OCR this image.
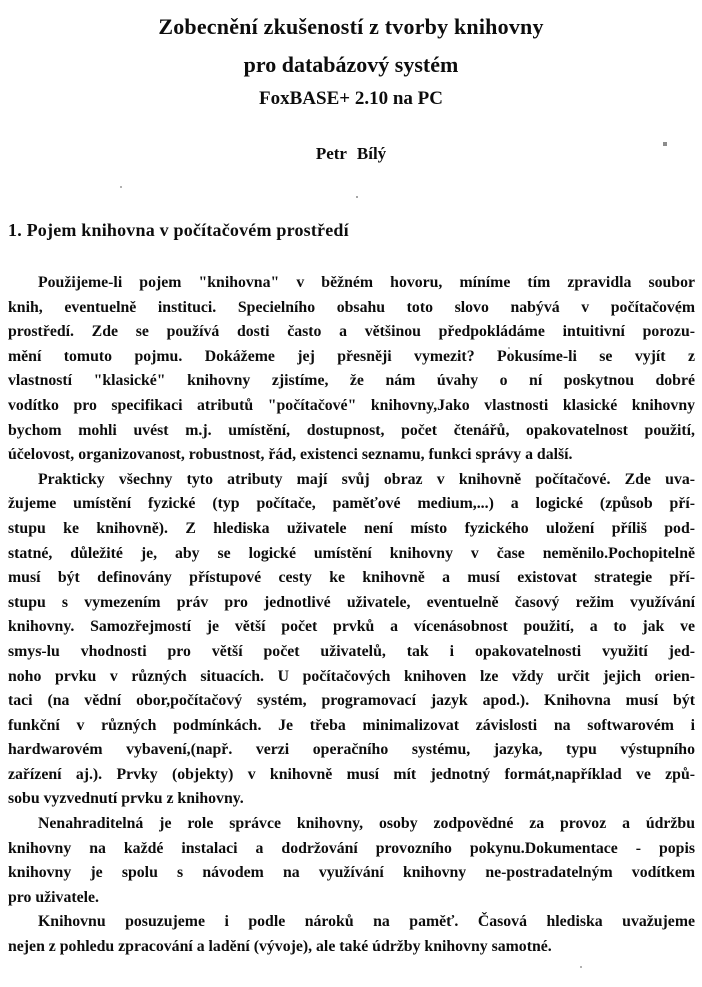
Zobecnění zkušeností z tvorby knihovny
pro databázový systém
FoxBASE+ 2.10 na PC
Petr Bílý
1. Pojem knihovna v počítačovém prostředí
Použijeme-li pojem "knihovna" v běžném hovoru, míníme tím zpravidla soubor
knih, eventuelně instituci. Specielního obsahu toto slovo nabývá v počítačovém
prostředí. Zde se používá dosti často a většinou předpokládáme intuitivní porozu-
mění tomuto pojmu. Dokážeme jej přesněji vymezit? Pokusíme-li se vyjít z
vlastností "klasické" knihovny zjistíme, že nám úvahy o ní poskytnou dobré
vodítko pro specifikaci atributů "počítačové" knihovny,Jako vlastnosti klasické knihovny
bychom mohli uvést m.j. umístění, dostupnost, počet čtenářů, opakovatelnost použití,
účelovost, organizovanost, robustnost, řád, existenci seznamu, funkci správy a další.
Prakticky všechny tyto atributy mají svůj obraz v knihovně počítačové. Zde uva-
žujeme umístění fyzické (typ počítače, paměťové medium,...) a logické (způsob pří-
stupu ke knihovně). Z hlediska uživatele není místo fyzického uložení příliš pod-
statné, důležité je, aby se logické umístění knihovny v čase neměnilo.Pochopitelně
musí být definovány přístupové cesty ke knihovně a musí existovat strategie pří-
stupu s vymezením práv pro jednotlivé uživatele, eventuelně časový režim využívání
knihovny. Samozřejmostí je větší počet prvků a vícenásobnost použití, a to jak ve
smys-lu vhodnosti pro větší počet uživatelů, tak i opakovatelnosti využití jed-
noho prvku v různých situacích. U počítačových knihoven lze vždy určit jejich orien-
taci (na vědní obor,počítačový systém, programovací jazyk apod.). Knihovna musí být
funkční v různých podmínkách. Je třeba minimalizovat závislosti na softwarovém i
hardwarovém vybavení,(např. verzi operačního systému, jazyka, typu výstupního
zařízení aj.). Prvky (objekty) v knihovně musí mít jednotný formát,například ve způ-
sobu vyzvednutí prvku z knihovny.
Nenahraditelná je role správce knihovny, osoby zodpovědné za provoz a údržbu
knihovny na každé instalaci a dodržování provozního pokynu.Dokumentace - popis
knihovny je spolu s návodem na využívání knihovny ne-postradatelným vodítkem
pro uživatele.
Knihovnu posuzujeme i podle nároků na paměť. Časová hlediska uvažujeme
nejen z pohledu zpracování a ladění (vývoje), ale také údržby knihovny samotné.
